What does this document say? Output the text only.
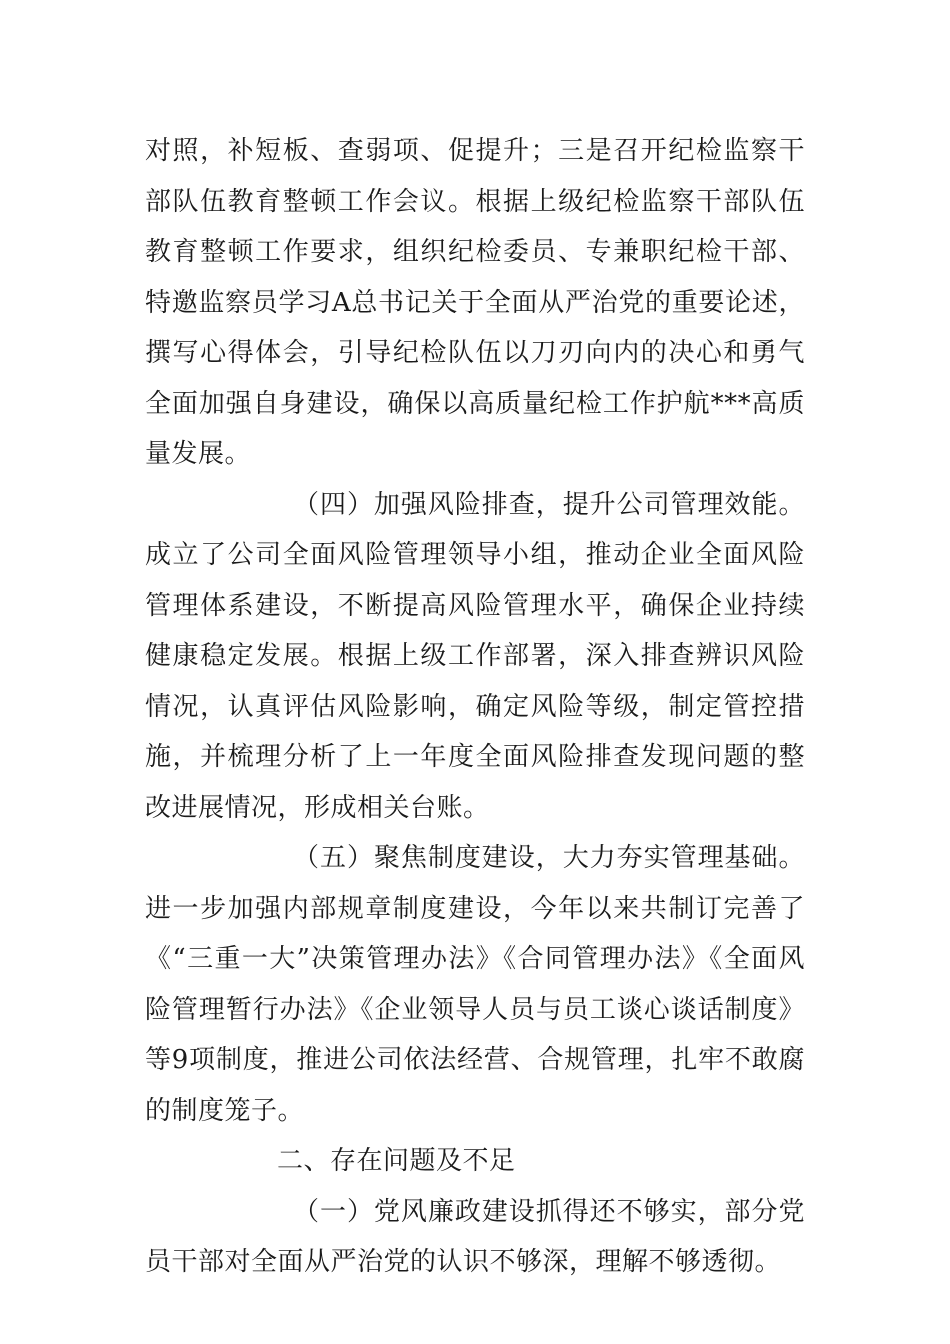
对照，补短板、查弱项、促提升；三是召开纪检监察干部队伍教育整顿工作会议。根据上级纪检监察干部队伍教育整顿工作要求，组织纪检委员、专兼职纪检干部、特邀监察员学习A总书记关于全面从严治党的重要论述，撰写心得体会，引导纪检队伍以刀刃向内的决心和勇气全面加强自身建设，确保以高质量纪检工作护航***高质量发展。

（四）加强风险排查，提升公司管理效能。成立了公司全面风险管理领导小组，推动企业全面风险管理体系建设，不断提高风险管理水平，确保企业持续健康稳定发展。根据上级工作部署，深入排查辨识风险情况，认真评估风险影响，确定风险等级，制定管控措施，并梳理分析了上一年度全面风险排查发现问题的整改进展情况，形成相关台账。

（五）聚焦制度建设，大力夯实管理基础。进一步加强内部规章制度建设，今年以来共制订完善了《“三重一大”决策管理办法》《合同管理办法》《全面风险管理暂行办法》《企业领导人员与员工谈心谈话制度》等9项制度，推进公司依法经营、合规管理，扎牢不敢腐的制度笼子。

二、存在问题及不足

（一）党风廉政建设抓得还不够实，部分党员干部对全面从严治党的认识不够深，理解不够透彻。
